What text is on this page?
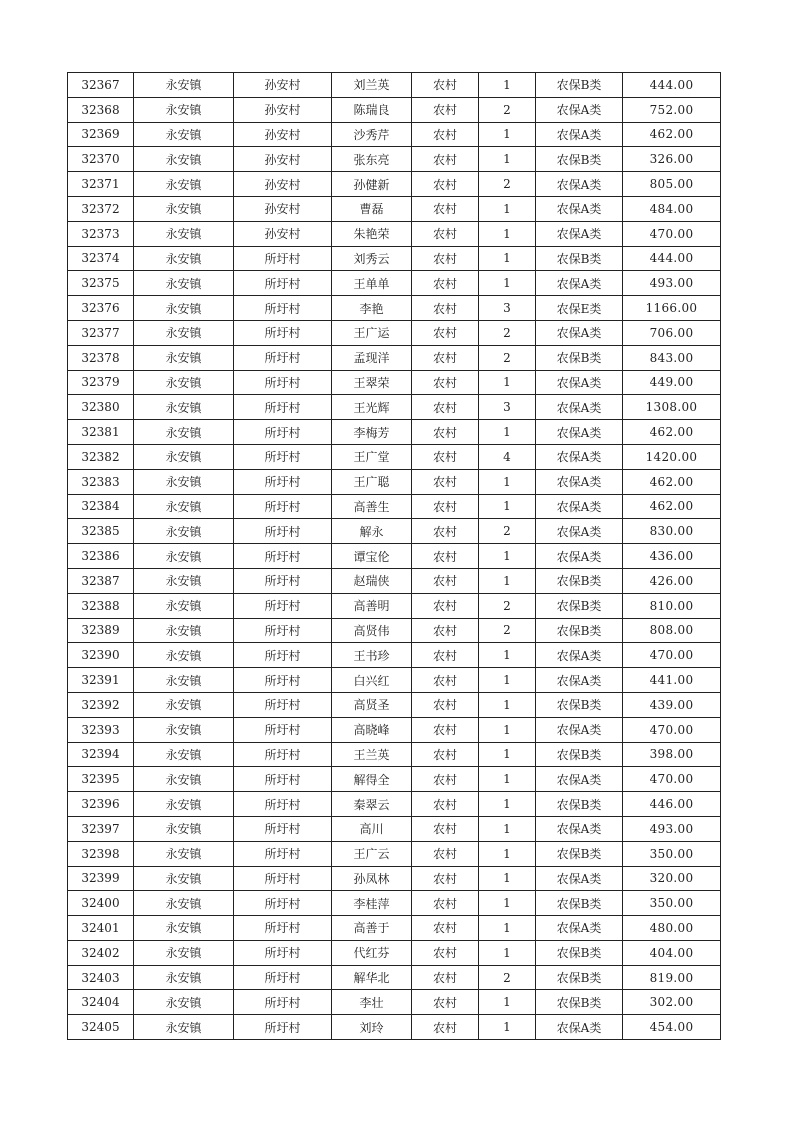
32367	永安镇	孙安村	刘兰英	农村	1	农保B类	444.00
32368	永安镇	孙安村	陈瑞良	农村	2	农保A类	752.00
32369	永安镇	孙安村	沙秀芹	农村	1	农保A类	462.00
32370	永安镇	孙安村	张东亮	农村	1	农保B类	326.00
32371	永安镇	孙安村	孙健新	农村	2	农保A类	805.00
32372	永安镇	孙安村	曹磊	农村	1	农保A类	484.00
32373	永安镇	孙安村	朱艳荣	农村	1	农保A类	470.00
32374	永安镇	所圩村	刘秀云	农村	1	农保B类	444.00
32375	永安镇	所圩村	王单单	农村	1	农保A类	493.00
32376	永安镇	所圩村	李艳	农村	3	农保E类	1166.00
32377	永安镇	所圩村	王广运	农村	2	农保A类	706.00
32378	永安镇	所圩村	孟现洋	农村	2	农保B类	843.00
32379	永安镇	所圩村	王翠荣	农村	1	农保A类	449.00
32380	永安镇	所圩村	王光辉	农村	3	农保A类	1308.00
32381	永安镇	所圩村	李梅芳	农村	1	农保A类	462.00
32382	永安镇	所圩村	王广堂	农村	4	农保A类	1420.00
32383	永安镇	所圩村	王广聪	农村	1	农保A类	462.00
32384	永安镇	所圩村	高善生	农村	1	农保A类	462.00
32385	永安镇	所圩村	解永	农村	2	农保A类	830.00
32386	永安镇	所圩村	谭宝伦	农村	1	农保A类	436.00
32387	永安镇	所圩村	赵瑞侠	农村	1	农保B类	426.00
32388	永安镇	所圩村	高善明	农村	2	农保B类	810.00
32389	永安镇	所圩村	高贤伟	农村	2	农保B类	808.00
32390	永安镇	所圩村	王书珍	农村	1	农保A类	470.00
32391	永安镇	所圩村	白兴红	农村	1	农保A类	441.00
32392	永安镇	所圩村	高贤圣	农村	1	农保B类	439.00
32393	永安镇	所圩村	高晓峰	农村	1	农保A类	470.00
32394	永安镇	所圩村	王兰英	农村	1	农保B类	398.00
32395	永安镇	所圩村	解得全	农村	1	农保A类	470.00
32396	永安镇	所圩村	秦翠云	农村	1	农保B类	446.00
32397	永安镇	所圩村	高川	农村	1	农保A类	493.00
32398	永安镇	所圩村	王广云	农村	1	农保B类	350.00
32399	永安镇	所圩村	孙凤林	农村	1	农保A类	320.00
32400	永安镇	所圩村	李桂萍	农村	1	农保B类	350.00
32401	永安镇	所圩村	高善于	农村	1	农保A类	480.00
32402	永安镇	所圩村	代红芬	农村	1	农保B类	404.00
32403	永安镇	所圩村	解华北	农村	2	农保B类	819.00
32404	永安镇	所圩村	李壮	农村	1	农保B类	302.00
32405	永安镇	所圩村	刘玲	农村	1	农保A类	454.00
